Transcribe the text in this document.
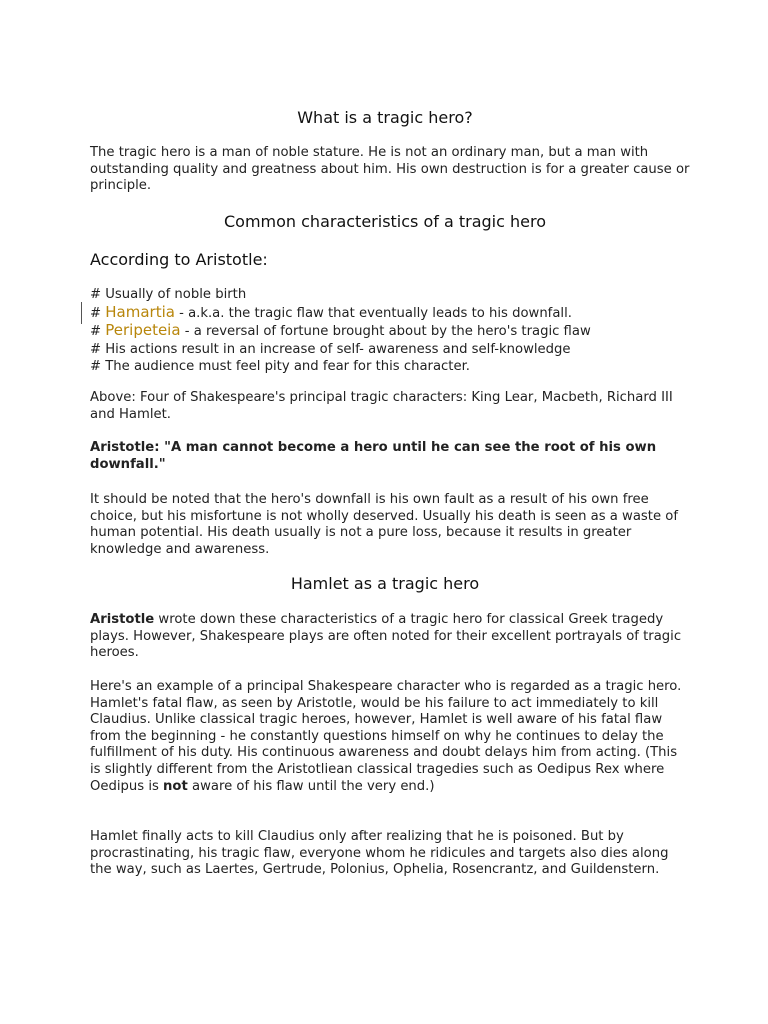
What is a tragic hero?

The tragic hero is a man of noble stature. He is not an ordinary man, but a man with outstanding quality and greatness about him. His own destruction is for a greater cause or principle.

Common characteristics of a tragic hero
According to Aristotle:
# Usually of noble birth
# Hamartia - a.k.a. the tragic flaw that eventually leads to his downfall.
# Peripeteia - a reversal of fortune brought about by the hero's tragic flaw
# His actions result in an increase of self- awareness and self-knowledge
# The audience must feel pity and fear for this character.

Above: Four of Shakespeare's principal tragic characters: King Lear, Macbeth, Richard III and Hamlet.

Aristotle: "A man cannot become a hero until he can see the root of his own downfall."

It should be noted that the hero's downfall is his own fault as a result of his own free choice, but his misfortune is not wholly deserved. Usually his death is seen as a waste of human potential. His death usually is not a pure loss, because it results in greater knowledge and awareness.

Hamlet as a tragic hero

Aristotle wrote down these characteristics of a tragic hero for classical Greek tragedy plays. However, Shakespeare plays are often noted for their excellent portrayals of tragic heroes.

Here's an example of a principal Shakespeare character who is regarded as a tragic hero. Hamlet's fatal flaw, as seen by Aristotle, would be his failure to act immediately to kill Claudius. Unlike classical tragic heroes, however, Hamlet is well aware of his fatal flaw from the beginning - he constantly questions himself on why he continues to delay the fulfillment of his duty. His continuous awareness and doubt delays him from acting. (This is slightly different from the Aristotliean classical tragedies such as Oedipus Rex where Oedipus is not aware of his flaw until the very end.)

Hamlet finally acts to kill Claudius only after realizing that he is poisoned. But by procrastinating, his tragic flaw, everyone whom he ridicules and targets also dies along the way, such as Laertes, Gertrude, Polonius, Ophelia, Rosencrantz, and Guildenstern.
